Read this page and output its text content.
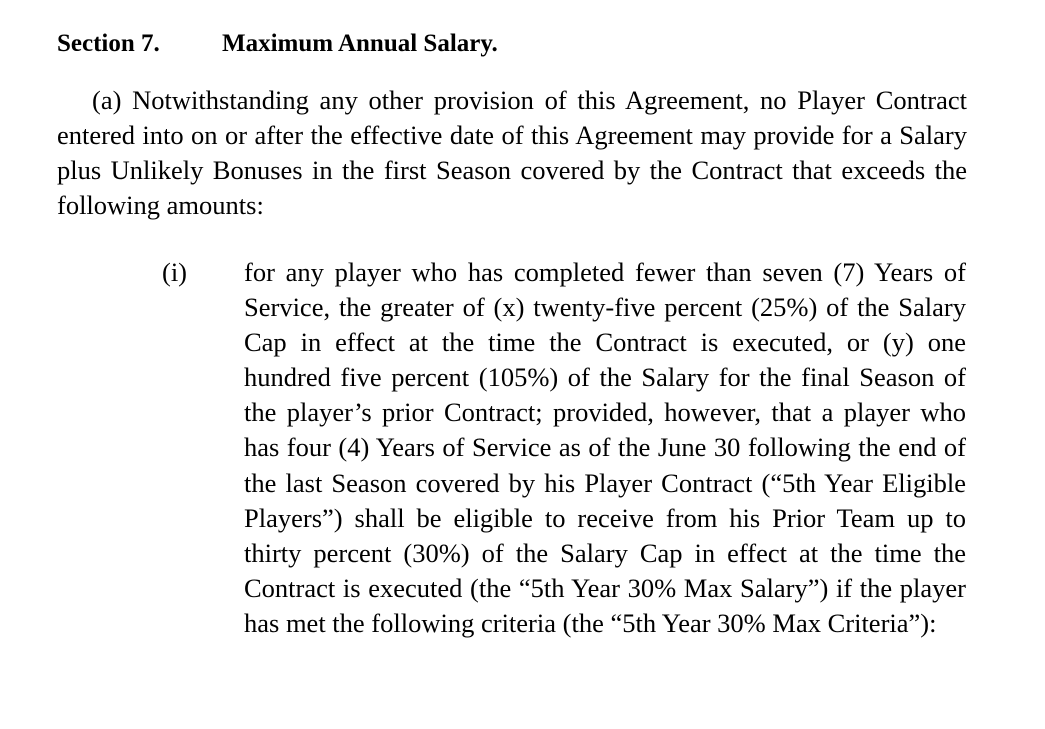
Section 7. Maximum Annual Salary.
(a) Notwithstanding any other provision of this Agreement, no Player Contract entered into on or after the effective date of this Agreement may provide for a Salary plus Unlikely Bonuses in the first Season covered by the Contract that exceeds the following amounts:
(i) for any player who has completed fewer than seven (7) Years of Service, the greater of (x) twenty-five percent (25%) of the Salary Cap in effect at the time the Contract is executed, or (y) one hundred five percent (105%) of the Salary for the final Season of the player’s prior Contract; provided, however, that a player who has four (4) Years of Service as of the June 30 following the end of the last Season covered by his Player Contract (“5th Year Eligible Players”) shall be eligible to receive from his Prior Team up to thirty percent (30%) of the Salary Cap in effect at the time the Contract is executed (the “5th Year 30% Max Salary”) if the player has met the following criteria (the “5th Year 30% Max Criteria”):
